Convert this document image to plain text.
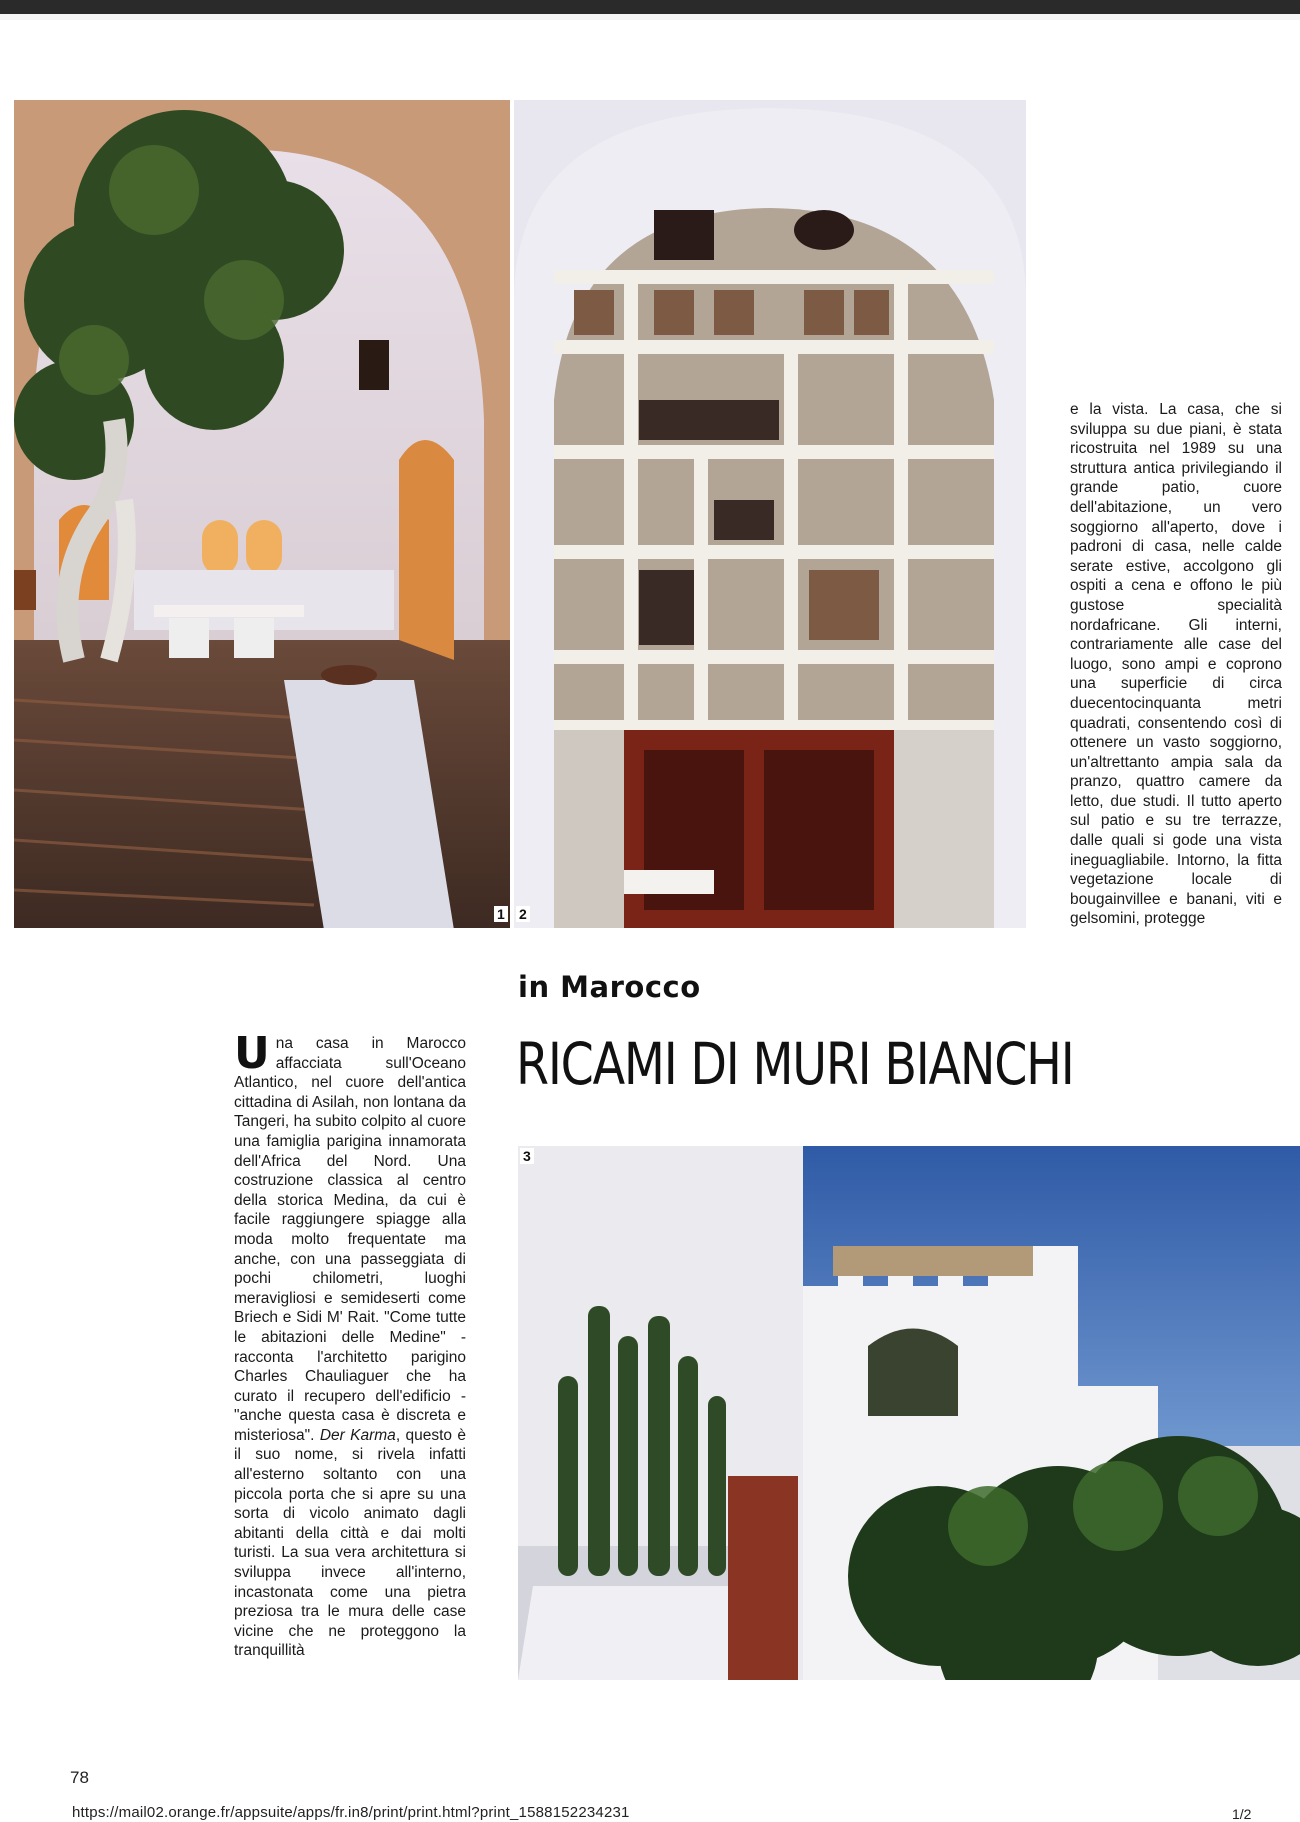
1 2

e la vista. La casa, che si sviluppa su due piani, è stata ricostruita nel 1989 su una struttura antica privilegiando il grande patio, cuore dell'abitazione, un vero soggiorno all'aperto, dove i padroni di casa, nelle calde serate estive, accolgono gli ospiti a cena e offono le più gustose specialità nordafricane. Gli interni, contrariamente alle case del luogo, sono ampi e coprono una superficie di circa duecentocinquanta metri quadrati, consentendo così di ottenere un vasto soggiorno, un'altrettanto ampia sala da pranzo, quattro camere da letto, due studi. Il tutto aperto sul patio e su tre terrazze, dalle quali si gode una vista ineguagliabile. Intorno, la fitta vegetazione locale di bougainvillee e banani, viti e gelsomini, protegge

in Marocco
RICAMI DI MURI BIANCHI

Una casa in Marocco affacciata sull'Oceano Atlantico, nel cuore dell'antica cittadina di Asilah, non lontana da Tangeri, ha subito colpito al cuore una famiglia parigina innamorata dell'Africa del Nord. Una costruzione classica al centro della storica Medina, da cui è facile raggiungere spiagge alla moda molto frequentate ma anche, con una passeggiata di pochi chilometri, luoghi meravigliosi e semideserti come Briech e Sidi M' Rait. "Come tutte le abitazioni delle Medine" - racconta l'architetto parigino Charles Chauliaguer che ha curato il recupero dell'edificio - "anche questa casa è discreta e misteriosa". Der Karma, questo è il suo nome, si rivela infatti all'esterno soltanto con una piccola porta che si apre su una sorta di vicolo animato dagli abitanti della città e dai molti turisti. La sua vera architettura si sviluppa invece all'interno, incastonata come una pietra preziosa tra le mura delle case vicine che ne proteggono la tranquillità

3
78
https://mail02.orange.fr/appsuite/apps/fr.in8/print/print.html?print_1588152234231	1/2
